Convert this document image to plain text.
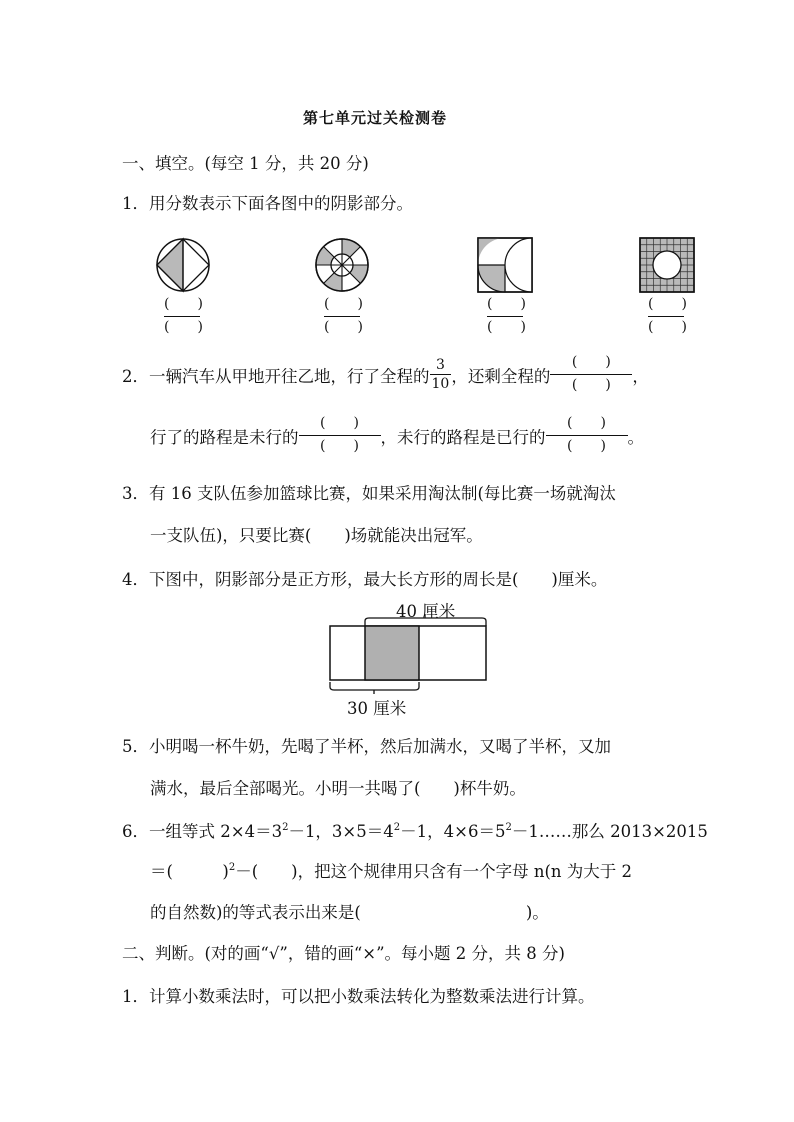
第七单元过关检测卷
一、填空。(每空 1 分，共 20 分)
1．用分数表示下面各图中的阴影部分。
(　　)
(　　)
(　　)
(　　)
(　　)
(　　)
(　　)
(　　)
2．一辆汽车从甲地开往乙地，行了全程的 $\frac{3}{10}$ ，还剩全程的
(　　)
(　　)	，
行了的路程是未行的
(　　)
(　　)	，未行的路程是已行的
(　　)
(　　)	。
3．有 16 支队伍参加篮球比赛，如果采用淘汰制(每比赛一场就淘汰
一支队伍)，只要比赛(　　)场就能决出冠军。
4．下图中，阴影部分是正方形，最大长方形的周长是(　　)厘米。
40 厘米
30 厘米
5．小明喝一杯牛奶，先喝了半杯，然后加满水，又喝了半杯，又加
满水，最后全部喝光。小明一共喝了(　　)杯牛奶。
6．一组等式 $2\times 4=3^2-1$，$3\times 5=4^2-1$，$4\times 6=5^2-1\dots\dots$那么 2013×2015
＝(　　　)$^2$－(　　)，把这个规律用只含有一个字母 n(n 为大于 2
的自然数)的等式表示出来是(　　　　　　　　　　)。
二、判断。(对的画“√”，错的画“×”。每小题 2 分，共 8 分)
1．计算小数乘法时，可以把小数乘法转化为整数乘法进行计算。
